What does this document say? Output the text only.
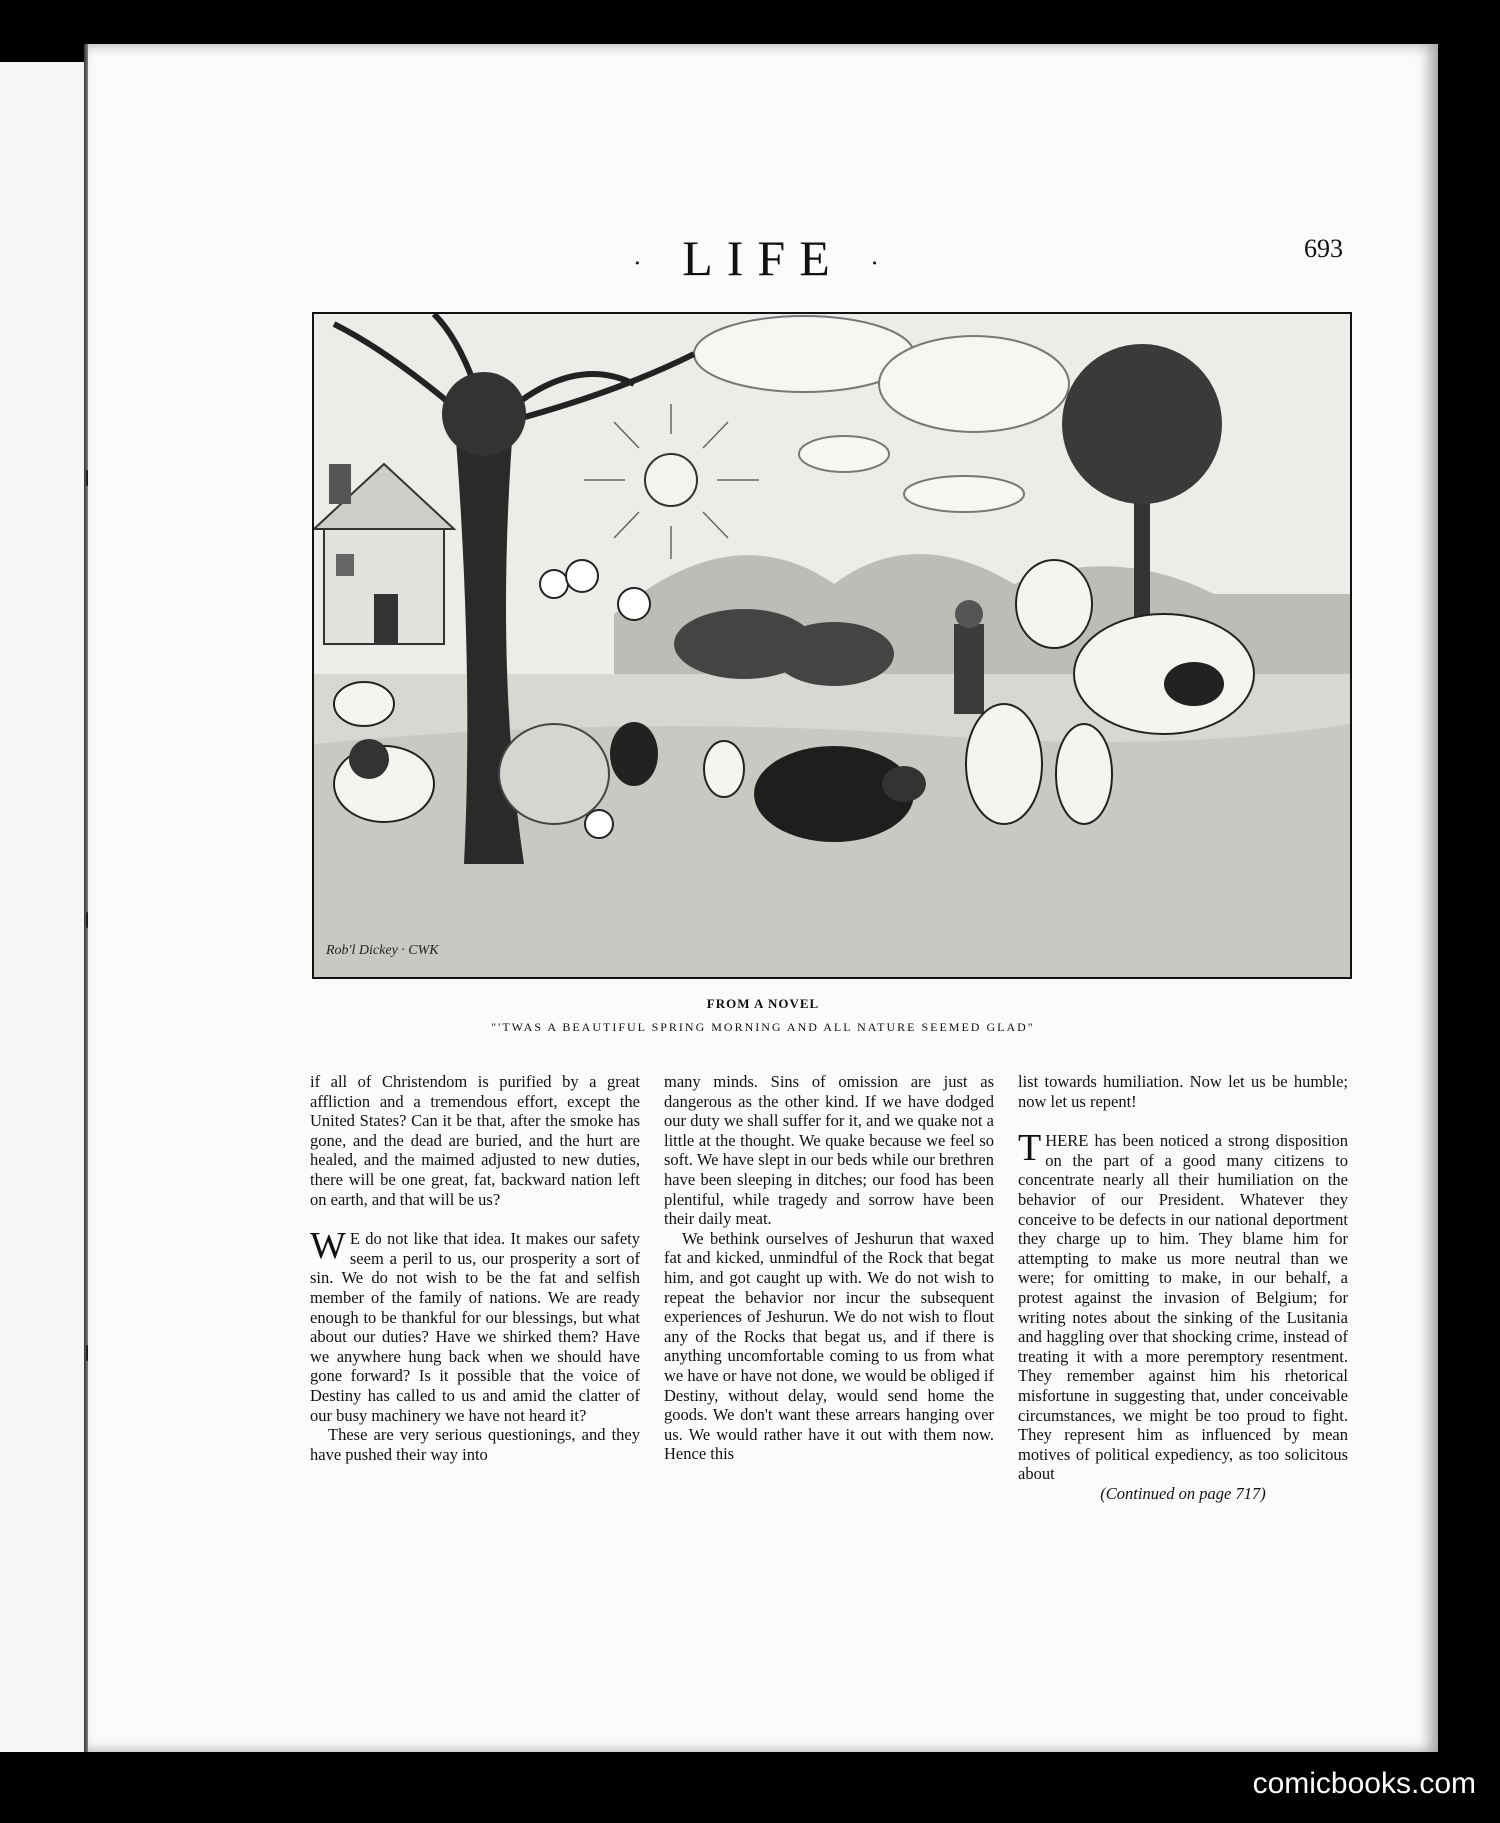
· LIFE ·
693
Rob'l Dickey · CWK
FROM A NOVEL
"'TWAS A BEAUTIFUL SPRING MORNING AND ALL NATURE SEEMED GLAD"

if all of Christendom is purified by a great affliction and a tremendous effort, except the United States? Can it be that, after the smoke has gone, and the dead are buried, and the hurt are healed, and the maimed adjusted to new duties, there will be one great, fat, backward nation left on earth, and that will be us?

W E do not like that idea. It makes our safety seem a peril to us, our prosperity a sort of sin. We do not wish to be the fat and selfish member of the family of nations. We are ready enough to be thankful for our blessings, but what about our duties? Have we shirked them? Have we anywhere hung back when we should have gone forward? Is it possible that the voice of Destiny has called to us and amid the clatter of our busy machinery we have not heard it?

These are very serious questionings, and they have pushed their way into

many minds. Sins of omission are just as dangerous as the other kind. If we have dodged our duty we shall suffer for it, and we quake not a little at the thought. We quake because we feel so soft. We have slept in our beds while our brethren have been sleeping in ditches; our food has been plentiful, while tragedy and sorrow have been their daily meat.

We bethink ourselves of Jeshurun that waxed fat and kicked, unmindful of the Rock that begat him, and got caught up with. We do not wish to repeat the behavior nor incur the subsequent experiences of Jeshurun. We do not wish to flout any of the Rocks that begat us, and if there is anything uncomfortable coming to us from what we have or have not done, we would be obliged if Destiny, without delay, would send home the goods. We don't want these arrears hanging over us. We would rather have it out with them now. Hence this

list towards humiliation. Now let us be humble; now let us repent!

THERE has been noticed a strong disposition on the part of a good many citizens to concentrate nearly all their humiliation on the behavior of our President. Whatever they conceive to be defects in our national deportment they charge up to him. They blame him for attempting to make us more neutral than we were; for omitting to make, in our behalf, a protest against the invasion of Belgium; for writing notes about the sinking of the Lusitania and haggling over that shocking crime, instead of treating it with a more peremptory resentment. They remember against him his rhetorical misfortune in suggesting that, under conceivable circumstances, we might be too proud to fight. They represent him as influenced by mean motives of political expediency, as too solicitous about

(Continued on page 717)

comicbooks.com
